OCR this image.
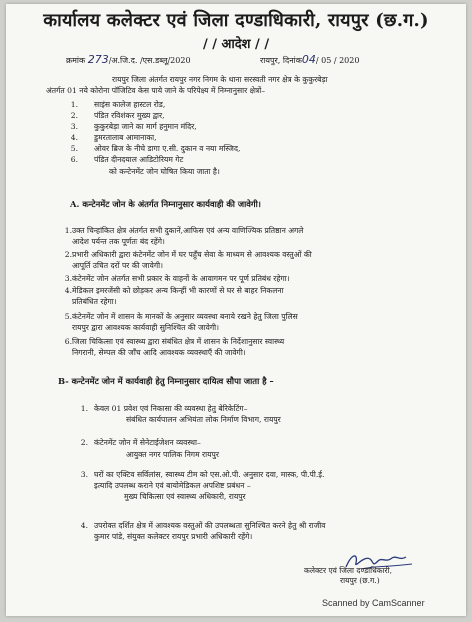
कार्यालय कलेक्टर एवं जिला दण्डाधिकारी, रायपुर (छ.ग.)
/ / आदेश / /
क्रमांक 273/अ.जि.द. /एस.डब्लू/2020	रायपुर, दिनांक04/ 05 / 2020
रायपुर जिला अंतर्गत रायपुर नगर निगम के थाना सरस्वती नगर क्षेत्र के कुकुरबेड़ा
अंतर्गत 01 नये कोरोना पॉजिटिव केस पाये जाने के परिपेक्ष्य में निम्नानुसार क्षेत्रों–
को कन्टेनमेंट जोन घोषित किया जाता है।
A. कन्टेनमेंट जोन के अंतर्गत निम्नानुसार कार्यवाही की जावेगी।
B- कन्टेनमेंट जोन में कार्यवाही हेतु निम्नानुसार दायित्व सौपा जाता है –
कलेक्टर एवं जिला दण्डाधिकारी,
रायपुर (छ.ग.)
1. साइंस कालेज हास्टल रोड,
2. पंडित रविशंकर मुख्य द्वार,
3. कुकुरबेड़ा जाने का मार्ग हनुमान मंदिर,
4. डुमरतालाब आमानाका,
5. ओवर ब्रिज के नीचे डागा ए.सी. दुकान व नया मस्जिद,
6. पंडित दीनदयाल आडिटोरियम गेट
1. उक्त चिन्हांकित क्षेत्र अंतर्गत सभी दुकानें,आफिस एवं अन्य वाणिज्यिक प्रतिष्ठान अगले
आदेश पर्यन्त तक पूर्णतः बंद रहेंगे।
2. प्रभारी अधिकारी द्वारा कंटेनमेंट जोन में घर पहुँच सेवा के माध्यम से आवश्यक वस्तुओं की
आपूर्ति उचित दरों पर की जावेगी।
3. कंटेनमेंट जोन अंतर्गत सभी प्रकार के वाहनों के आवागमन पर पूर्ण प्रतिबंध रहेगा।
4. मेडिकल इमरजेंसी को छोड़कर अन्य किन्हीं भी कारणों से घर से बाहर निकलना
प्रतिबंधित रहेगा।
5. कंटेनमेंट जोन में शासन के मानकों के अनुसार व्यवस्था बनाये रखने हेतु जिला पुलिस
रायपुर द्वारा आवश्यक कार्यवाही सुनिश्चित की जावेगी।
6. जिला चिकित्सा एवं स्वास्थ्य द्वारा संबंधित क्षेत्र में शासन के निर्देशानुसार स्वास्थ्य
निगरानी, सेम्पल की जाँच आदि आवश्यक व्यवस्थाएँ की जावेगी।
1. केवल 01 प्रवेश एवं निकासा की व्यवस्था हेतु बेरिकेटिंग–
संबंधित कार्यपालन अभियंता लोक निर्माण विभाग, रायपुर
2. कंटेनमेंट जोन में सेनेटाईजेशन व्यवस्था–
आयुक्त नगर पालिक निगम रायपुर
3. घरों का एक्टिव सर्विलांस, स्वास्थ्य टीम को एस.ओ.पी. अनुसार दवा, मास्क, पी.पी.ई.
इत्यादि उपलब्ध कराने एवं बायोमेडिकल अपशिष्ट प्रबंधन –
मुख्य चिकित्सा एवं स्वास्थ्य अधिकारी, रायपुर
4. उपरोक्त दर्शित क्षेत्र में आवश्यक वस्तुओं की उपलब्धता सुनिश्चित करने हेतु श्री राजीव
कुमार पांडे, संयुक्त कलेक्टर रायपुर प्रभारी अधिकारी रहेंगे।
Scanned by CamScanner
